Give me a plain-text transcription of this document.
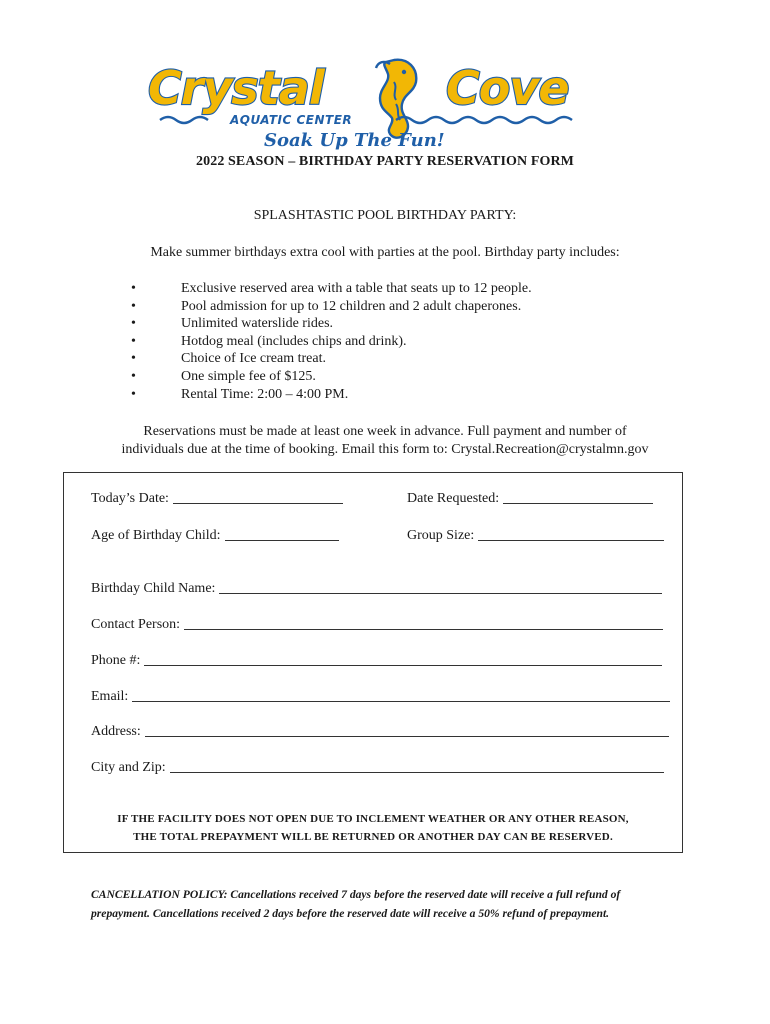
Crystal	Cove
AQUATIC CENTER
Soak Up The Fun!
2022 SEASON – BIRTHDAY PARTY RESERVATION FORM
SPLASHTASTIC POOL BIRTHDAY PARTY:
Make summer birthdays extra cool with parties at the pool. Birthday party includes:
•	Exclusive reserved area with a table that seats up to 12 people.
•	Pool admission for up to 12 children and 2 adult chaperones.
•	Unlimited waterslide rides.
•	Hotdog meal (includes chips and drink).
•	Choice of Ice cream treat.
•	One simple fee of $125.
•	Rental Time: 2:00 – 4:00 PM.
Reservations must be made at least one week in advance. Full payment and number of
individuals due at the time of booking. Email this form to: Crystal.Recreation@crystalmn.gov
Today’s Date:	Date Requested:
Age of Birthday Child:	Group Size:
Birthday Child Name:
Contact Person:
Phone #:
Email:
Address:
City and Zip:
IF THE FACILITY DOES NOT OPEN DUE TO INCLEMENT WEATHER OR ANY OTHER REASON,
THE TOTAL PREPAYMENT WILL BE RETURNED OR ANOTHER DAY CAN BE RESERVED.
CANCELLATION POLICY: Cancellations received 7 days before the reserved date will receive a full refund of
prepayment. Cancellations received 2 days before the reserved date will receive a 50% refund of prepayment.
